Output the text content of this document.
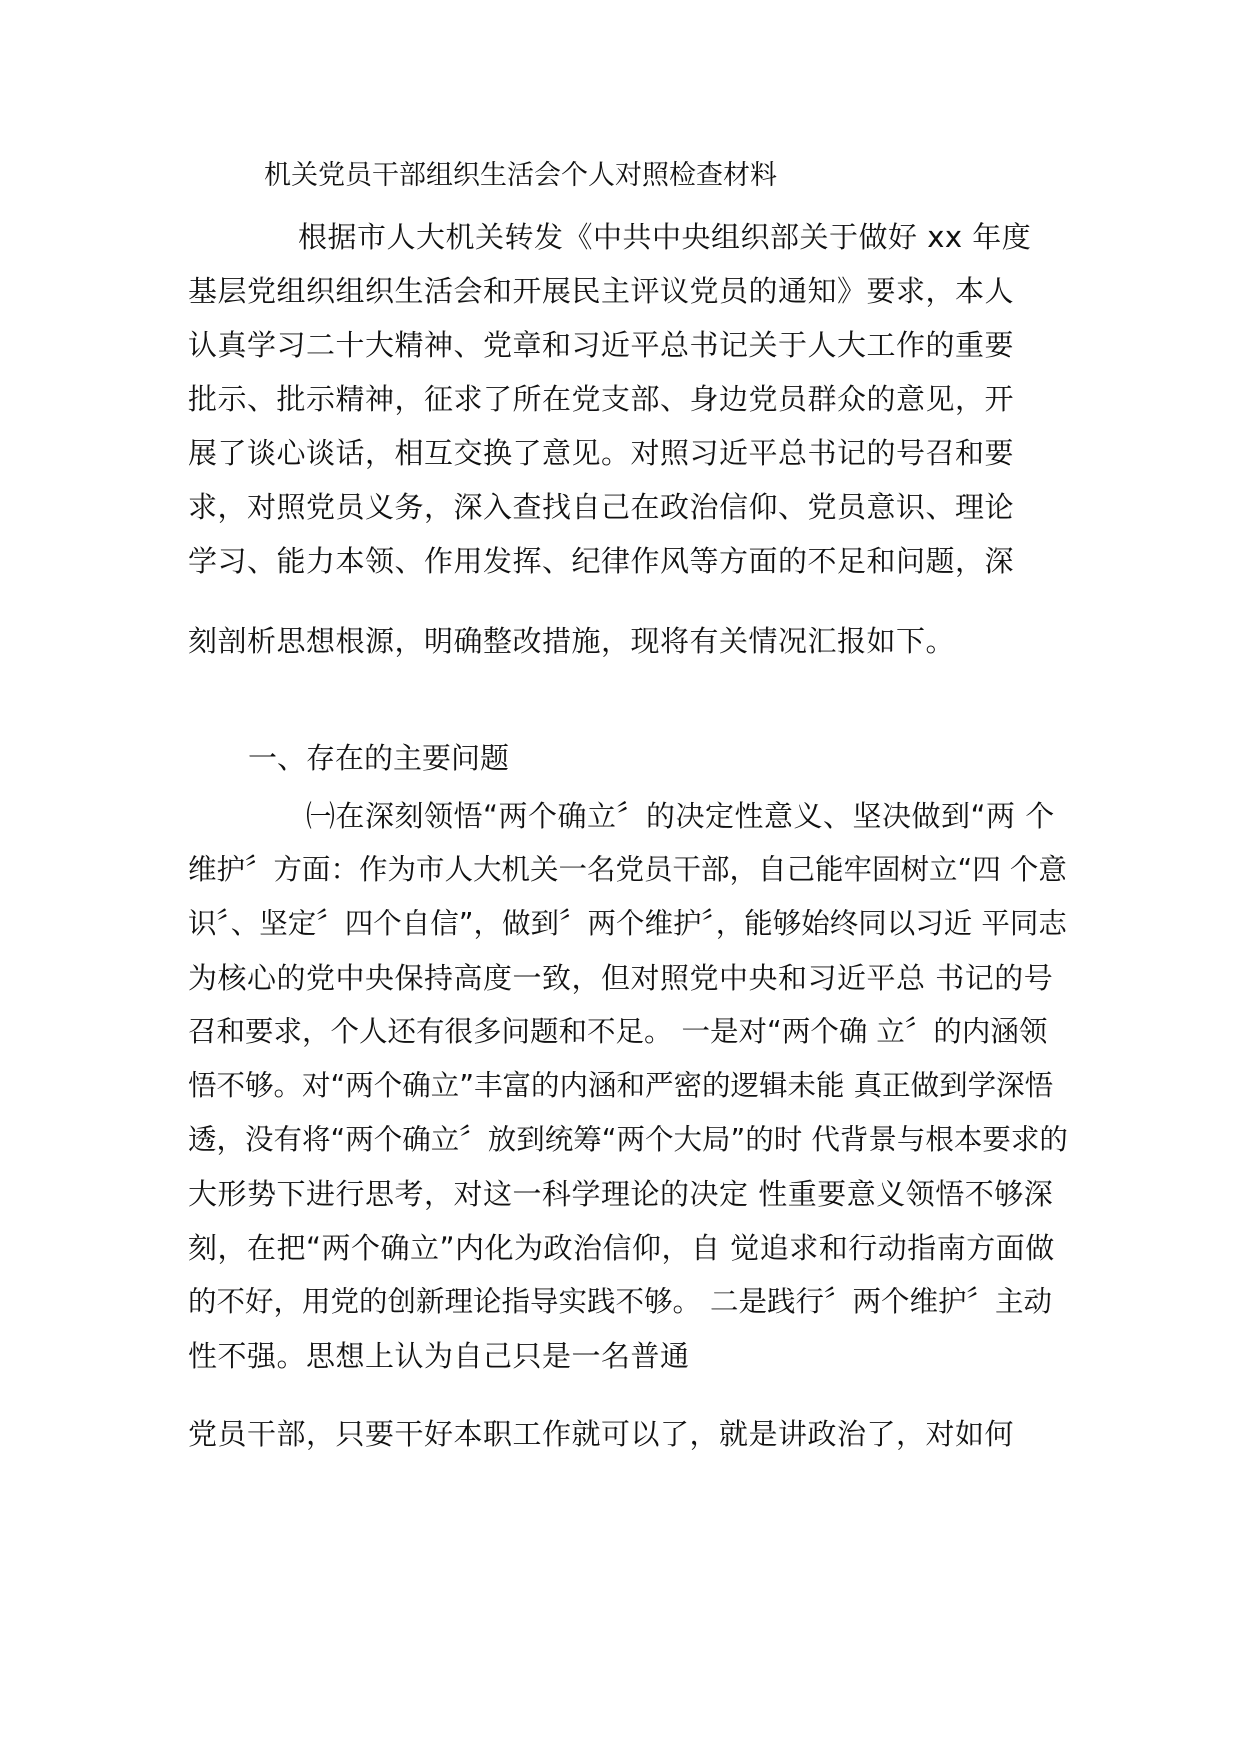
机关党员干部组织生活会个人对照检查材料
根据市人大机关转发《中共中央组织部关于做好 xx 年度
基层党组织组织生活会和开展民主评议党员的通知》要求，本人
认真学习二十大精神、党章和习近平总书记关于人大工作的重要
批示、批示精神，征求了所在党支部、身边党员群众的意见，开
展了谈心谈话，相互交换了意见。对照习近平总书记的号召和要
求，对照党员义务，深入查找自己在政治信仰、党员意识、理论
学习、能力本领、作用发挥、纪律作风等方面的不足和问题，深
刻剖析思想根源，明确整改措施，现将有关情况汇报如下。
一、存在的主要问题
㈠在深刻领悟“两个确立〞的决定性意义、坚决做到“两 个
维护〞方面：作为市人大机关一名党员干部，自己能牢固树立“四 个意
识〞、坚定〞四个自信”，做到〞两个维护〞，能够始终同以习近 平同志
为核心的党中央保持高度一致，但对照党中央和习近平总 书记的号
召和要求，个人还有很多问题和不足。 一是对“两个确 立〞的内涵领
悟不够。对“两个确立”丰富的内涵和严密的逻辑未能 真正做到学深悟
透，没有将“两个确立〞放到统筹“两个大局”的时 代背景与根本要求的
大形势下进行思考，对这一科学理论的决定 性重要意义领悟不够深
刻，在把“两个确立”内化为政治信仰，自 觉追求和行动指南方面做
的不好，用党的创新理论指导实践不够。 二是践行〞两个维护〞主动
性不强。思想上认为自己只是一名普通
党员干部，只要干好本职工作就可以了，就是讲政治了，对如何
